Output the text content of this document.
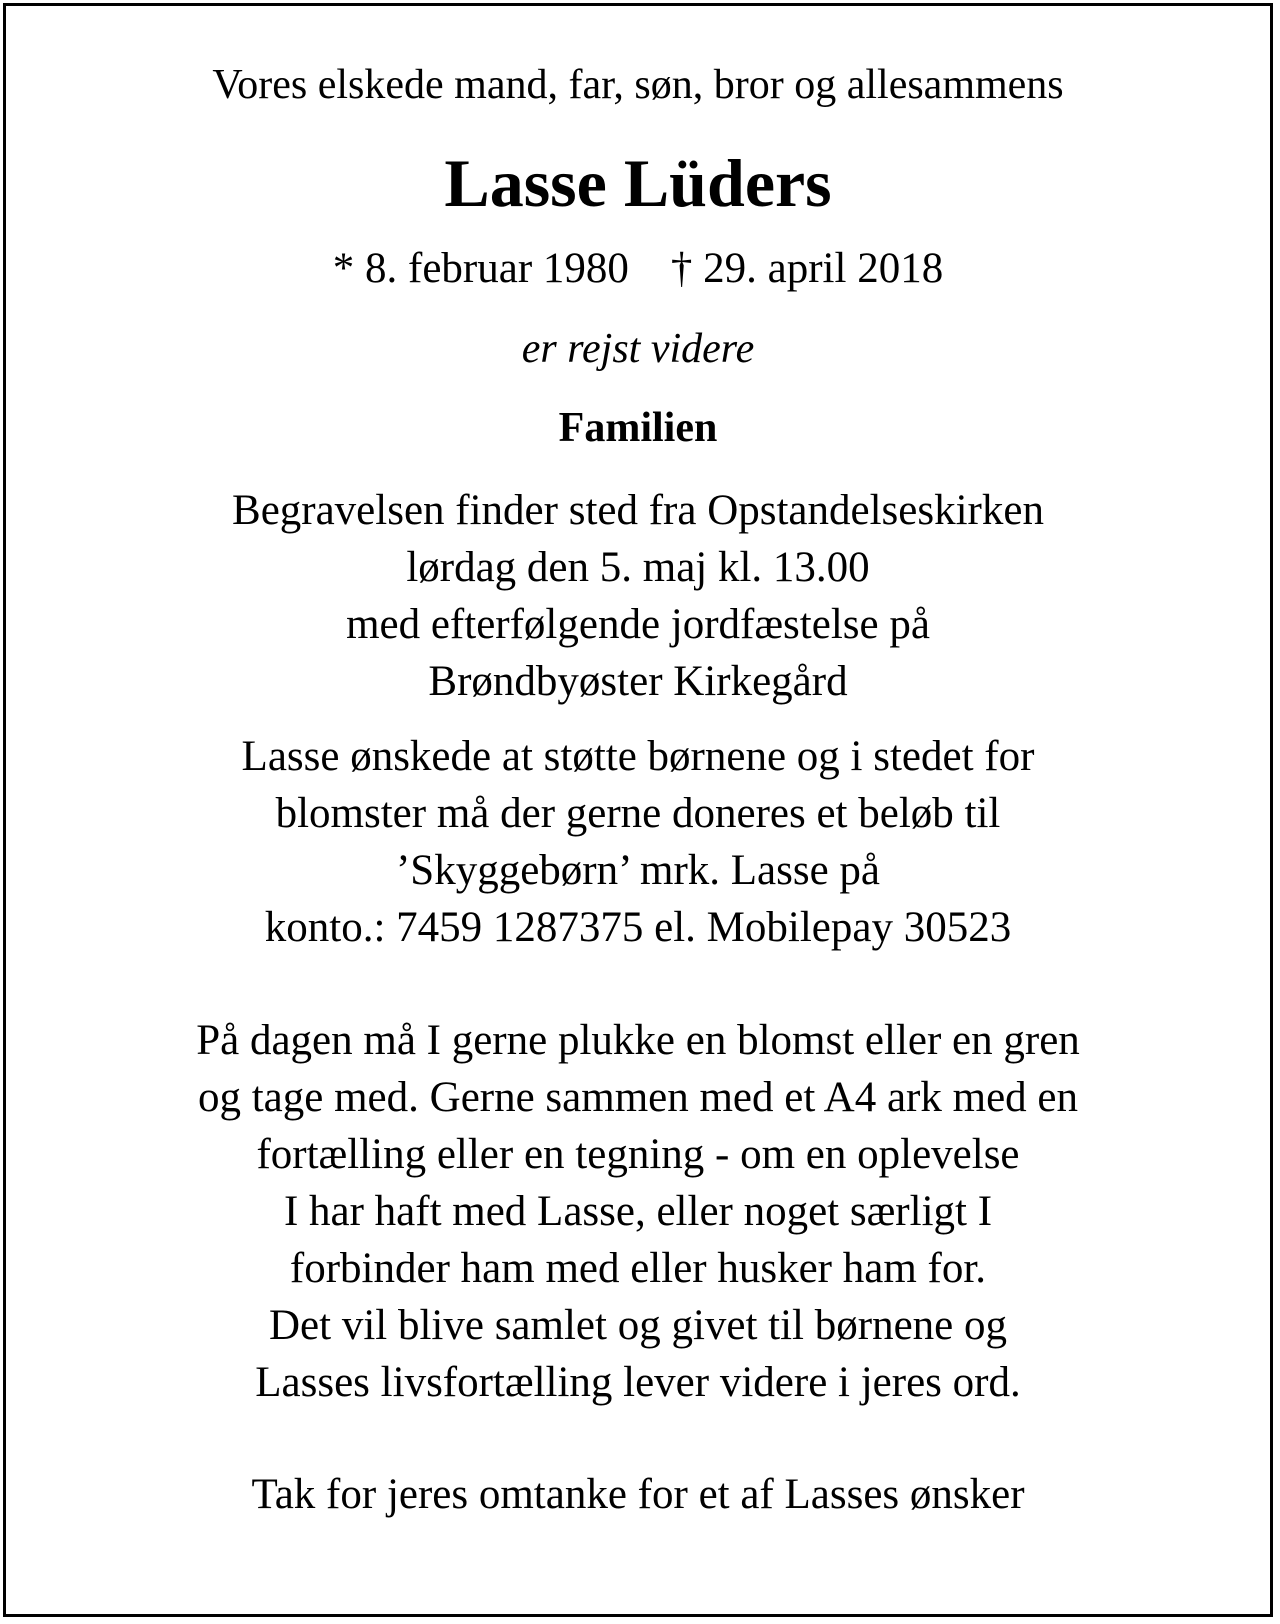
Vores elskede mand, far, søn, bror og allesammens
Lasse Lüders
* 8. februar 1980 † 29. april 2018
er rejst videre
Familien
Begravelsen finder sted fra Opstandelseskirken
lørdag den 5. maj kl. 13.00
med efterfølgende jordfæstelse på
Brøndbyøster Kirkegård
Lasse ønskede at støtte børnene og i stedet for
blomster må der gerne doneres et beløb til
’Skyggebørn’ mrk. Lasse på
konto.: 7459 1287375 el. Mobilepay 30523
På dagen må I gerne plukke en blomst eller en gren
og tage med. Gerne sammen med et A4 ark med en
fortælling eller en tegning - om en oplevelse
I har haft med Lasse, eller noget særligt I
forbinder ham med eller husker ham for.
Det vil blive samlet og givet til børnene og
Lasses livsfortælling lever videre i jeres ord.
Tak for jeres omtanke for et af Lasses ønsker
